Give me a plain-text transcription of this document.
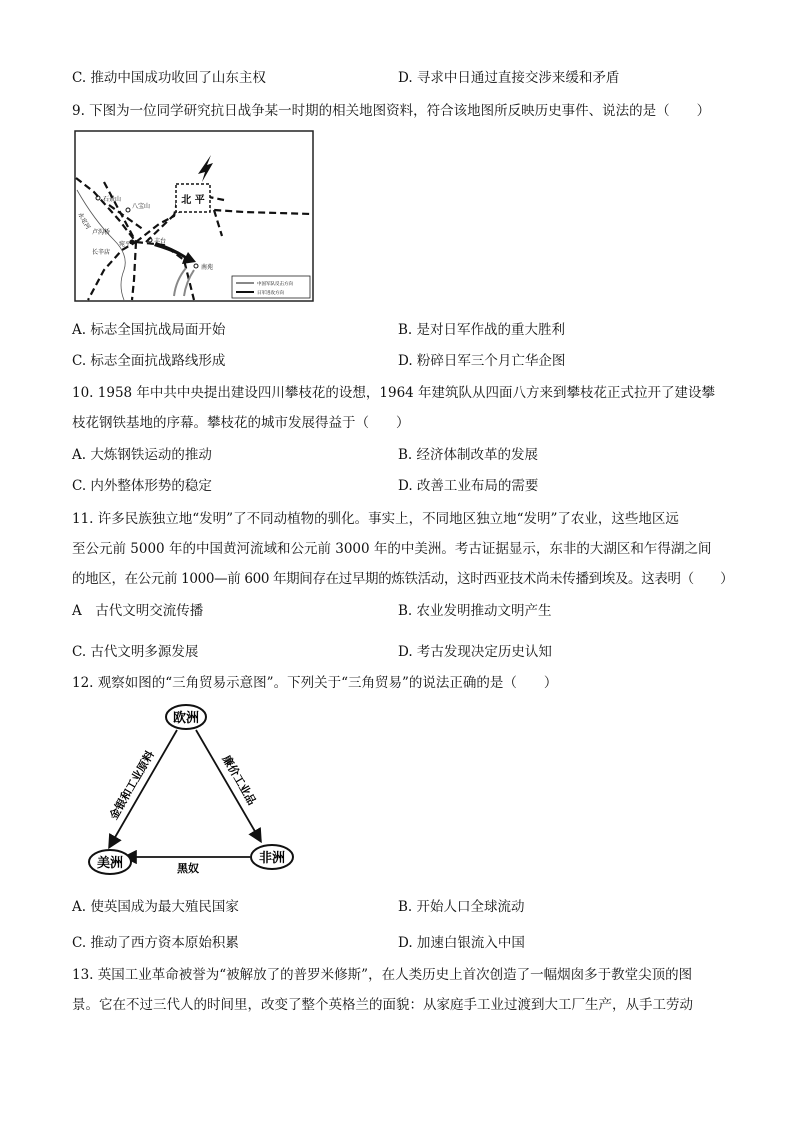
C. 推动中国成功收回了山东主权	D. 寻求中日通过直接交涉来缓和矛盾
9. 下图为一位同学研究抗日战争某一时期的相关地图资料，符合该地图所反映历史事件、说法的是（　　）
北 平
石景山
八宝山
卢沟桥
宛平	丰台
长辛店
南苑
永定河
中国军队反击方向
日军进攻方向
A. 标志全国抗战局面开始	B. 是对日军作战的重大胜利
C. 标志全面抗战路线形成	D. 粉碎日军三个月亡华企图
10. 1958 年中共中央提出建设四川攀枝花的设想，1964 年建筑队从四面八方来到攀枝花正式拉开了建设攀
枝花钢铁基地的序幕。攀枝花的城市发展得益于（　　）
A. 大炼钢铁运动的推动	B. 经济体制改革的发展
C. 内外整体形势的稳定	D. 改善工业布局的需要
11. 许多民族独立地“发明”了不同动植物的驯化。事实上，不同地区独立地“发明”了农业，这些地区远
至公元前 5000 年的中国黄河流域和公元前 3000 年的中美洲。考古证据显示，东非的大湖区和乍得湖之间
的地区，在公元前 1000—前 600 年期间存在过早期的炼铁活动，这时西亚技术尚未传播到埃及。这表明（　　）
A　古代文明交流传播	B. 农业发明推动文明产生
C. 古代文明多源发展	D. 考古发现决定历史认知
12. 观察如图的“三角贸易示意图”。下列关于“三角贸易”的说法正确的是（　　）
欧洲
美洲	非洲
金银和工业原料	廉价工业品
黑奴
A. 使英国成为最大殖民国家	B. 开始人口全球流动
C. 推动了西方资本原始积累	D. 加速白银流入中国
13. 英国工业革命被誉为“被解放了的普罗米修斯”，在人类历史上首次创造了一幅烟囱多于教堂尖顶的图
景。它在不过三代人的时间里，改变了整个英格兰的面貌：从家庭手工业过渡到大工厂生产，从手工劳动
